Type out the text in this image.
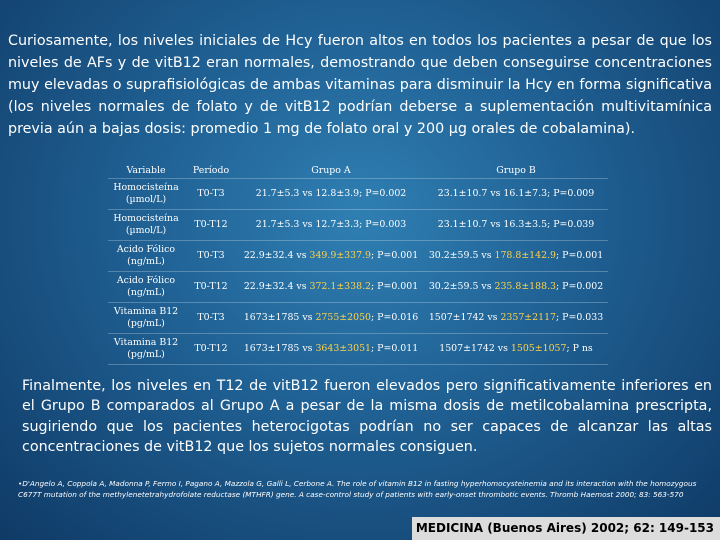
Curiosamente, los niveles iniciales de Hcy fueron altos en todos los pacientes a pesar de que los niveles de AFs y de vitB12 eran normales, demostrando que deben conseguirse concentraciones muy elevadas o suprafisiológicas de ambas vitaminas para disminuir la Hcy en forma significativa (los niveles normales de folato y de vitB12 podrían deberse a suplementación multivitamínica previa aún a bajas dosis: promedio 1 mg de folato oral y 200 µg orales de cobalamina).
Variable	Período	Grupo A	Grupo B
Homocisteína (µmol/L)	T0-T3	21.7±5.3 vs 12.8±3.9; P=0.002	23.1±10.7 vs 16.1±7.3; P=0.009
Homocisteína (µmol/L)	T0-T12	21.7±5.3 vs 12.7±3.3; P=0.003	23.1±10.7 vs 16.3±3.5; P=0.039
Acido Fólico (ng/mL)	T0-T3	22.9±32.4 vs 349.9±337.9; P=0.001	30.2±59.5 vs 178.8±142.9; P=0.001
Acido Fólico (ng/mL)	T0-T12	22.9±32.4 vs 372.1±338.2; P=0.001	30.2±59.5 vs 235.8±188.3; P=0.002
Vitamina B12 (pg/mL)	T0-T3	1673±1785 vs 2755±2050; P=0.016	1507±1742 vs 2357±2117; P=0.033
Vitamina B12 (pg/mL)	T0-T12	1673±1785 vs 3643±3051; P=0.011	1507±1742 vs 1505±1057; P ns
Finalmente, los niveles en T12 de vitB12 fueron elevados pero significativamente inferiores en el Grupo B comparados al Grupo A a pesar de la misma dosis de metilcobalamina prescripta, sugiriendo que los pacientes heterocigotas podrían no ser capaces de alcanzar las altas concentraciones de vitB12 que los sujetos normales consiguen.
•D'Angelo A, Coppola A, Madonna P, Fermo I, Pagano A, Mazzola G, Galli L, Cerbone A. The role of vitamin B12 in fasting hyperhomocysteinemia and its interaction with the homozygous C677T mutation of the methylenetetrahydrofolate reductase (MTHFR) gene. A case-control study of patients with early-onset thrombotic events. Thromb Haemost 2000; 83: 563-570
MEDICINA (Buenos Aires) 2002; 62: 149-153
